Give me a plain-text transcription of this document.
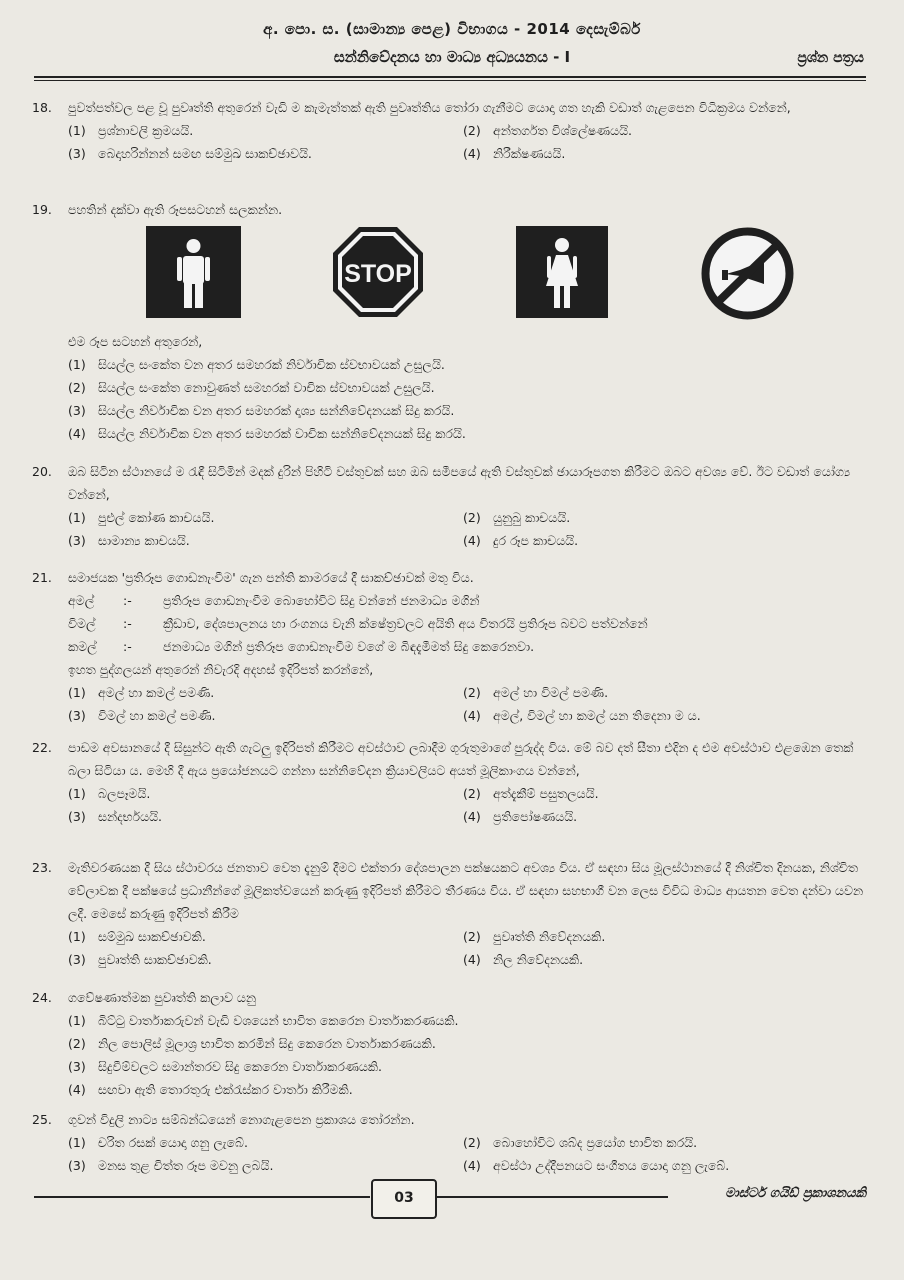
අ. පො. ස. (සාමාන්‍ය පෙළ) විභාගය - 2014 දෙසැම්බර්
සන්නිවේදනය හා මාධ්‍ය අධ්‍යයනය - I	ප්‍රශ්න පත්‍රය
18.	පුවත්පත්වල පළ වූ පුවෘත්ති අතුරෙන් වැඩි ම කැමැත්තක් ඇති පුවෘත්තිය තෝරා ගැනීමට යොදා ගත හැකි වඩාත් ගැළපෙන විධික්‍රමය වන්නේ,
(1) ප්‍රශ්නාවලි ක්‍රමයයි.	(2) අන්තර්ගත විශ්ලේෂණයයි.
(3) බෙදාහරින්නන් සමඟ සම්මුඛ සාකච්ඡාවයි.	(4) නිරීක්ෂණයයි.
19.	පහතින් දක්වා ඇති රූපසටහන් සලකන්න.
STOP
එම රූප සටහන් අතුරෙන්,
(1) සියල්ල සංකේත වන අතර සමහරක් නිර්වාචික ස්වභාවයක් උසුලයි.
(2) සියල්ල සංකේත නොවුණත් සමහරක් වාචික ස්වභාවයක් උසුලයි.
(3) සියල්ල නිර්වාචික වන අතර සමහරක් දෘශ්‍ය සන්නිවේදනයක් සිදු කරයි.
(4) සියල්ල නිර්වාචික වන අතර සමහරක් වාචික සන්නිවේදනයක් සිදු කරයි.
20.	ඔබ සිටින ස්ථානයේ ම රැඳී සිටිමින් මදක් දුරින් පිහිටි වස්තුවක් සහ ඔබ සමීපයේ ඇති වස්තුවක් ඡායාරූපගත කිරීමට ඔබට අවශ්‍ය වේ. ඊට වඩාත් යෝග්‍ය වන්නේ,
(1) පුළුල් කෝණ කාචයයි.	(2) යුනුබු කාචයයි.
(3) සාමාන්‍ය කාචයයි.	(4) දුර රූප කාචයයි.
21.	සමාජයක 'ප්‍රතිරූප ගොඩනැංවීම' ගැන පන්ති කාමරයේ දී සාකච්ඡාවක් මතු විය.
අමල්	:-	ප්‍රතිරූප ගොඩනැංවීම බොහෝවිට සිදු වන්නේ ජනමාධ්‍ය මගින්
විමල්	:-	ක්‍රීඩාව, දේශපාලනය හා රංගනය වැනි ක්ෂේත්‍රවලට අයිති අය විතරයි ප්‍රතිරූප බවට පත්වන්නේ
කමල්	:-	ජනමාධ්‍ය මගින් ප්‍රතිරූප ගොඩනැංවීම වගේ ම බිඳදැමීමත් සිදු කෙරෙනවා.
ඉහත පුද්ගලයන් අතුරෙන් නිවැරදි අදහස් ඉදිරිපත් කරන්නේ,
(1) අමල් හා කමල් පමණි.	(2) අමල් හා විමල් පමණි.
(3) විමල් හා කමල් පමණි.	(4) අමල්, විමල් හා කමල් යන තිදෙනා ම ය.
22.	පාඩම අවසානයේ දී සිසුන්ට ඇති ගැටලු ඉදිරිපත් කිරීමට අවස්ථාව ලබාදීම ගුරුතුමාගේ පුරුද්ද විය. මේ බව දත් සීතා එදින ද එම අවස්ථාව එළඹෙන තෙක් බලා සිටියා ය. මෙහි දී ඇය ප්‍රයෝජනයට ගන්නා සන්නිවේදන ක්‍රියාවලියට අයත් මූලිකාංගය වන්නේ,
(1) බලපෑමයි.	(2) අත්දැකීම් පසුතලයයි.
(3) සන්දර්භයයි.	(4) ප්‍රතිපෝෂණයයි.
23.	මැතිවරණයක දී සිය ස්ථාවරය ජනතාව වෙත දැනුම් දීමට එක්තරා දේශපාලන පක්ෂයකට අවශ්‍ය විය. ඒ සඳහා සිය මූලස්ථානයේ දී නිශ්චිත දිනයක, නිශ්චිත වේලාවක දී පක්ෂයේ ප්‍රධානීන්ගේ මූලිකත්වයෙන් කරුණු ඉදිරිපත් කිරීමට තීරණය විය. ඒ සඳහා සහභාගී වන ලෙස විවිධ මාධ්‍ය ආයතන වෙත දන්වා යවන ලදී. මෙසේ කරුණු ඉදිරිපත් කිරීම
(1) සම්මුඛ සාකච්ඡාවකි.	(2) පුවෘත්ති නිවේදනයකි.
(3) පුවෘත්ති සාකච්ඡාවකි.	(4) නිල නිවේදනයකි.
24.	ගවේෂණාත්මක පුවෘත්ති කලාව යනු
(1) බිට්ටු වාර්තාකරුවන් වැඩි වශයෙන් භාවිත කෙරෙන වාර්තාකරණයකි.
(2) නිල පොලිස් මූලාශ්‍ර භාවිත කරමින් සිදු කෙරෙන වාර්තාකරණයකි.
(3) සිදුවීම්වලට සමාන්තරව සිදු කෙරෙන වාර්තාකරණයකි.
(4) සඟවා ඇති තොරතුරු එක්රැස්කර වාර්තා කිරීමකි.
25.	ගුවන් විදුලි නාට්‍ය සම්බන්ධයෙන් නොගැළපෙන ප්‍රකාශය තෝරන්න.
(1) චරිත රසක් යොදා ගනු ලැබේ.	(2) බොහෝවිට ශබ්ද ප්‍රයෝග භාවිත කරයි.
(3) මනස තුළ චිත්‍ත රූප මවනු ලබයි.	(4) අවස්ථා උද්දීපනයට සංගීතය යොදා ගනු ලැබේ.
03	මාස්ටර් ගයිඩ් ප්‍රකාශනයකි
